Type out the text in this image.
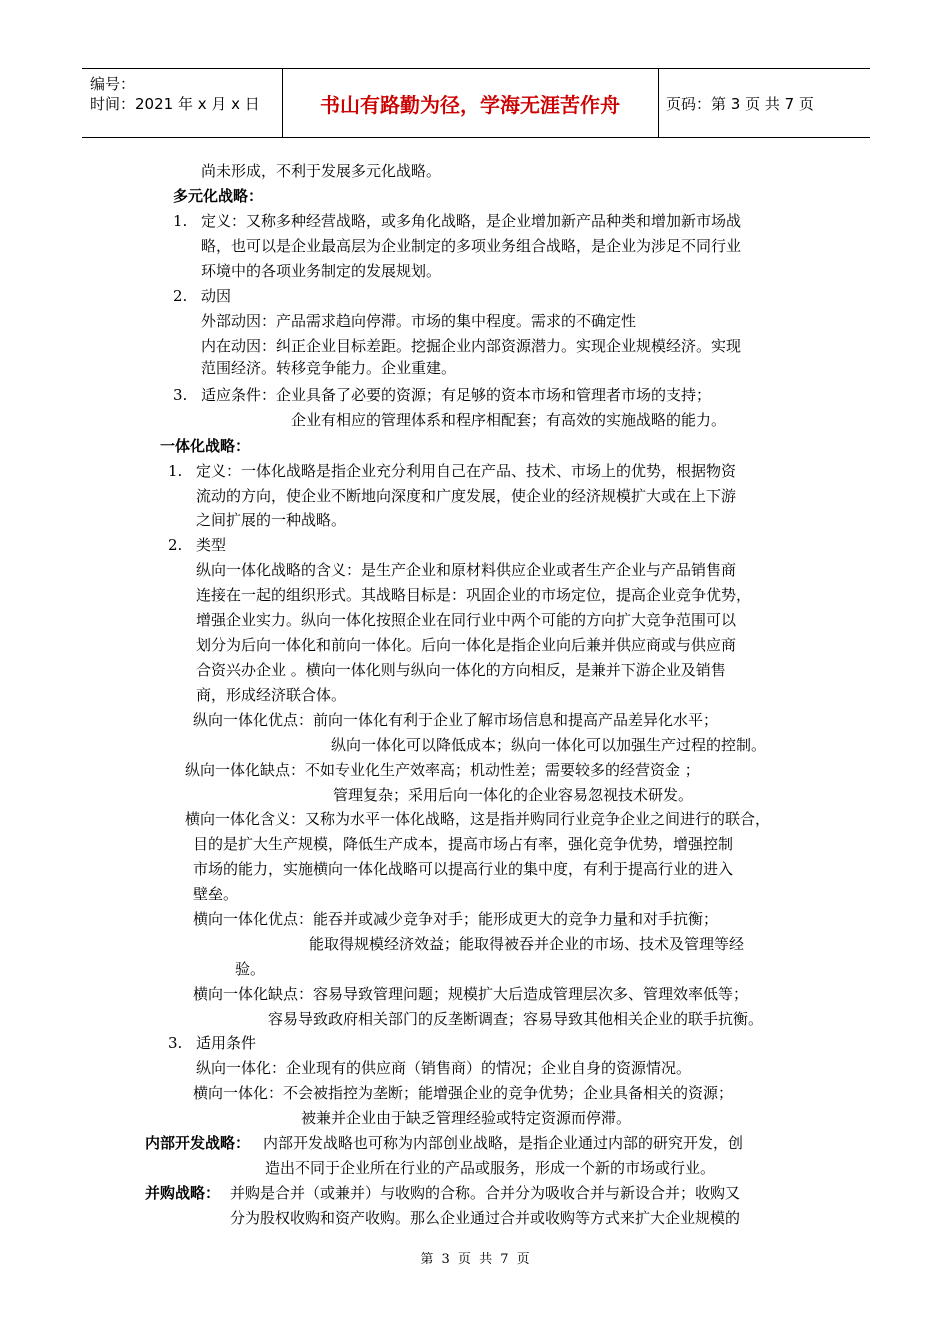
编号：
时间：2021 年 x 月 x 日	书山有路勤为径，学海无涯苦作舟	页码：第 3 页 共 7 页
尚未形成，不利于发展多元化战略。
多元化战略：
1. 定义：又称多种经营战略，或多角化战略，是企业增加新产品种类和增加新市场战
略，也可以是企业最高层为企业制定的多项业务组合战略，是企业为涉足不同行业
环境中的各项业务制定的发展规划。
2. 动因
外部动因：产品需求趋向停滞。市场的集中程度。需求的不确定性
内在动因：纠正企业目标差距。挖掘企业内部资源潜力。实现企业规模经济。实现
范围经济。转移竞争能力。企业重建。
3. 适应条件：企业具备了必要的资源；有足够的资本市场和管理者市场的支持；
企业有相应的管理体系和程序相配套；有高效的实施战略的能力。
一体化战略：
1. 定义：一体化战略是指企业充分利用自己在产品、技术、市场上的优势，根据物资
流动的方向，使企业不断地向深度和广度发展，使企业的经济规模扩大或在上下游
之间扩展的一种战略。
2. 类型
纵向一体化战略的含义：是生产企业和原材料供应企业或者生产企业与产品销售商
连接在一起的组织形式。其战略目标是：巩固企业的市场定位，提高企业竞争优势，
增强企业实力。纵向一体化按照企业在同行业中两个可能的方向扩大竞争范围可以
划分为后向一体化和前向一体化。后向一体化是指企业向后兼并供应商或与供应商
合资兴办企业 。横向一体化则与纵向一体化的方向相反，是兼并下游企业及销售
商，形成经济联合体。
纵向一体化优点：前向一体化有利于企业了解市场信息和提高产品差异化水平；
纵向一体化可以降低成本；纵向一体化可以加强生产过程的控制。
纵向一体化缺点：不如专业化生产效率高；机动性差；需要较多的经营资金 ；
管理复杂；采用后向一体化的企业容易忽视技术研发。
横向一体化含义：又称为水平一体化战略，这是指并购同行业竞争企业之间进行的联合，
目的是扩大生产规模，降低生产成本，提高市场占有率，强化竞争优势，增强控制
市场的能力，实施横向一体化战略可以提高行业的集中度，有利于提高行业的进入
壁垒。
横向一体化优点：能吞并或减少竞争对手；能形成更大的竞争力量和对手抗衡；
能取得规模经济效益；能取得被吞并企业的市场、技术及管理等经
验。
横向一体化缺点：容易导致管理问题；规模扩大后造成管理层次多、管理效率低等；
容易导致政府相关部门的反垄断调查；容易导致其他相关企业的联手抗衡。
3. 适用条件
纵向一体化：企业现有的供应商（销售商）的情况；企业自身的资源情况。
横向一体化：不会被指控为垄断；能增强企业的竞争优势；企业具备相关的资源；
被兼并企业由于缺乏管理经验或特定资源而停滞。
内部开发战略： 内部开发战略也可称为内部创业战略，是指企业通过内部的研究开发，创
造出不同于企业所在行业的产品或服务，形成一个新的市场或行业。
并购战略： 并购是合并（或兼并）与收购的合称。合并分为吸收合并与新设合并；收购又
分为股权收购和资产收购。那么企业通过合并或收购等方式来扩大企业规模的
第 3 页 共 7 页
